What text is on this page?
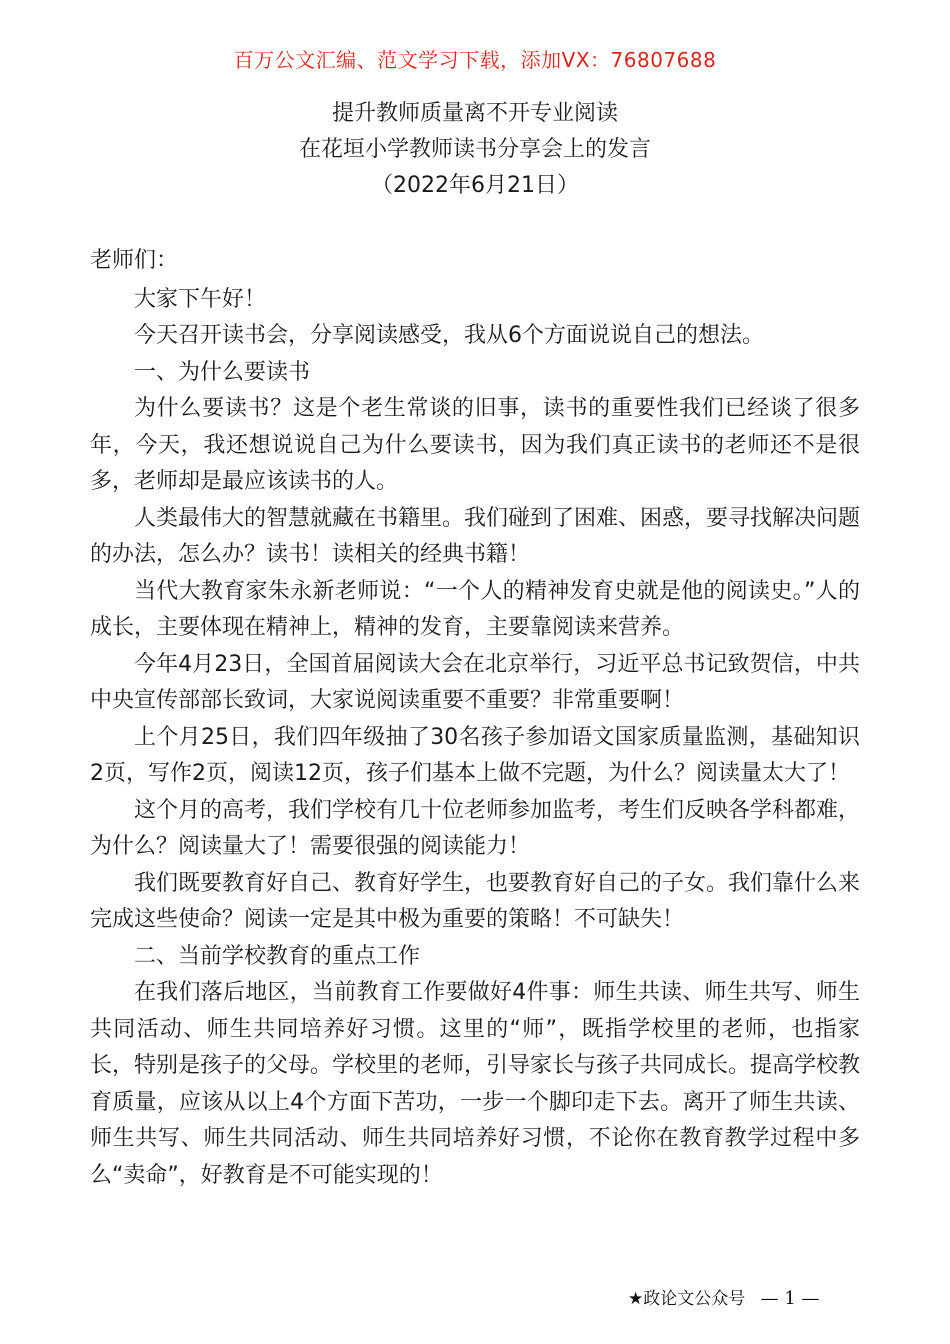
百万公文汇编、范文学习下载，添加VX：76807688
提升教师质量离不开专业阅读
在花垣小学教师读书分享会上的发言
（2022年6月21日）

老师们：

大家下午好！

今天召开读书会，分享阅读感受，我从6个方面说说自己的想法。

一、为什么要读书

为什么要读书？这是个老生常谈的旧事，读书的重要性我们已经谈了很多年，今天，我还想说说自己为什么要读书，因为我们真正读书的老师还不是很多，老师却是最应该读书的人。

人类最伟大的智慧就藏在书籍里。我们碰到了困难、困惑，要寻找解决问题的办法，怎么办？读书！读相关的经典书籍！

当代大教育家朱永新老师说：“一个人的精神发育史就是他的阅读史。”人的成长，主要体现在精神上，精神的发育，主要靠阅读来营养。

今年4月23日，全国首届阅读大会在北京举行，习近平总书记致贺信，中共中央宣传部部长致词，大家说阅读重要不重要？非常重要啊！

上个月25日，我们四年级抽了30名孩子参加语文国家质量监测，基础知识2页，写作2页，阅读12页，孩子们基本上做不完题，为什么？阅读量太大了！

这个月的高考，我们学校有几十位老师参加监考，考生们反映各学科都难，为什么？阅读量大了！需要很强的阅读能力！

我们既要教育好自己、教育好学生，也要教育好自己的子女。我们靠什么来完成这些使命？阅读一定是其中极为重要的策略！不可缺失！

二、当前学校教育的重点工作

在我们落后地区，当前教育工作要做好4件事：师生共读、师生共写、师生共同活动、师生共同培养好习惯。这里的“师”，既指学校里的老师，也指家长，特别是孩子的父母。学校里的老师，引导家长与孩子共同成长。提高学校教育质量，应该从以上4个方面下苦功，一步一个脚印走下去。离开了师生共读、师生共写、师生共同活动、师生共同培养好习惯，不论你在教育教学过程中多么“卖命”，好教育是不可能实现的！

★政论文公众号 — 1 —
